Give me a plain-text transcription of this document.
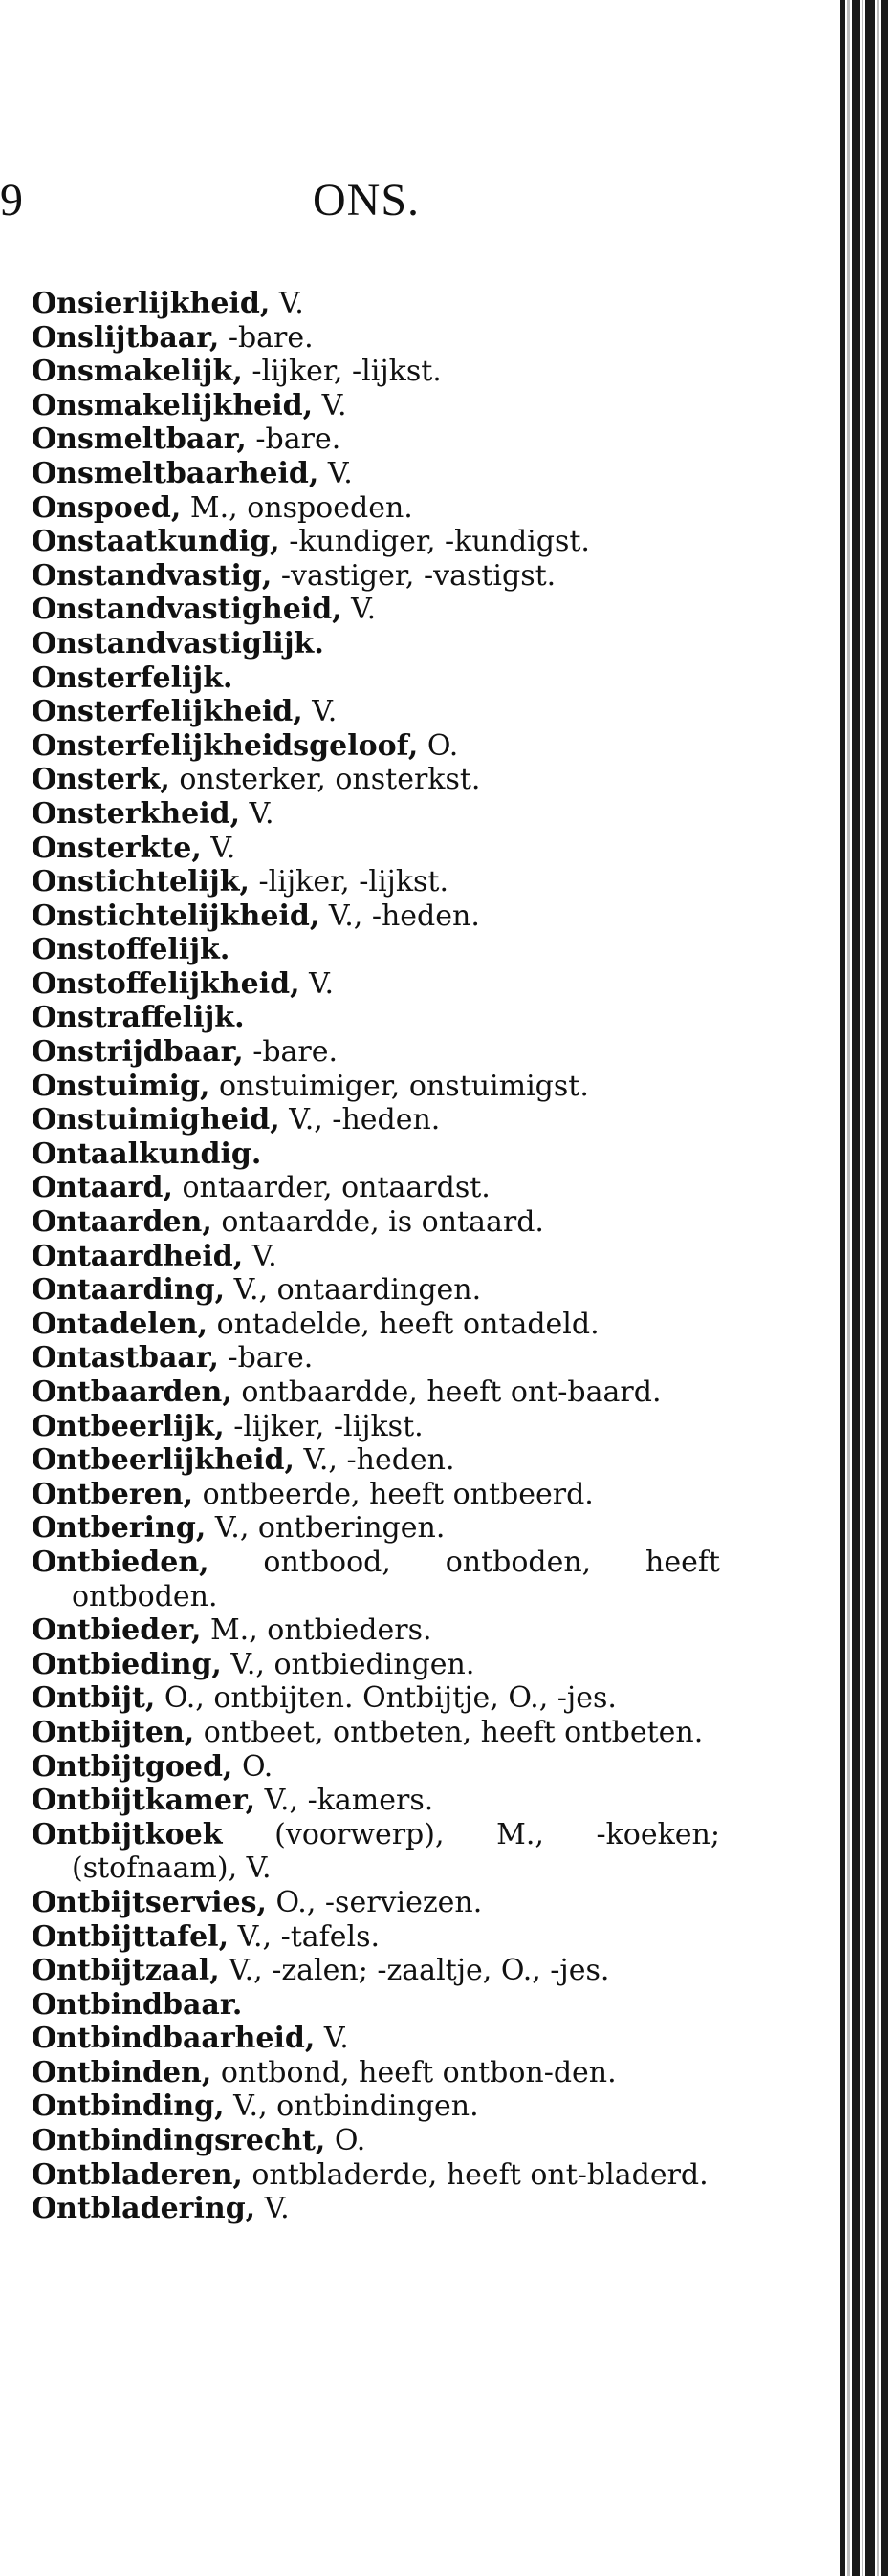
9	ONS.
Onsierlijkheid, V.
Onslijtbaar, -bare.
Onsmakelijk, -lijker, -lijkst.
Onsmakelijkheid, V.
Onsmeltbaar, -bare.
Onsmeltbaarheid, V.
Onspoed, M., onspoeden.
Onstaatkundig, -kundiger, -kundigst.
Onstandvastig, -vastiger, -vastigst.
Onstandvastigheid, V.
Onstandvastiglijk.
Onsterfelijk.
Onsterfelijkheid, V.
Onsterfelijkheidsgeloof, O.
Onsterk, onsterker, onsterkst.
Onsterkheid, V.
Onsterkte, V.
Onstichtelijk, -lijker, -lijkst.
Onstichtelijkheid, V., -heden.
Onstoffelijk.
Onstoffelijkheid, V.
Onstraffelijk.
Onstrijdbaar, -bare.
Onstuimig, onstuimiger, onstuimigst.
Onstuimigheid, V., -heden.
Ontaalkundig.
Ontaard, ontaarder, ontaardst.
Ontaarden, ontaardde, is ontaard.
Ontaardheid, V.
Ontaarding, V., ontaardingen.
Ontadelen, ontadelde, heeft ontadeld.
Ontastbaar, -bare.
Ontbaarden, ontbaardde, heeft ont-baard.
Ontbeerlijk, -lijker, -lijkst.
Ontbeerlijkheid, V., -heden.
Ontberen, ontbeerde, heeft ontbeerd.
Ontbering, V., ontberingen.
Ontbieden, ontbood, ontboden, heeft ontboden.
Ontbieder, M., ontbieders.
Ontbieding, V., ontbiedingen.
Ontbijt, O., ontbijten. Ontbijtje, O., -jes.
Ontbijten, ontbeet, ontbeten, heeft ontbeten.
Ontbijtgoed, O.
Ontbijtkamer, V., -kamers.
Ontbijtkoek (voorwerp), M., -koeken; (stofnaam), V.
Ontbijtservies, O., -serviezen.
Ontbijttafel, V., -tafels.
Ontbijtzaal, V., -zalen; -zaaltje, O., -jes.
Ontbindbaar.
Ontbindbaarheid, V.
Ontbinden, ontbond, heeft ontbon-den.
Ontbinding, V., ontbindingen.
Ontbindingsrecht, O.
Ontbladeren, ontbladerde, heeft ont-bladerd.
Ontbladering, V.
